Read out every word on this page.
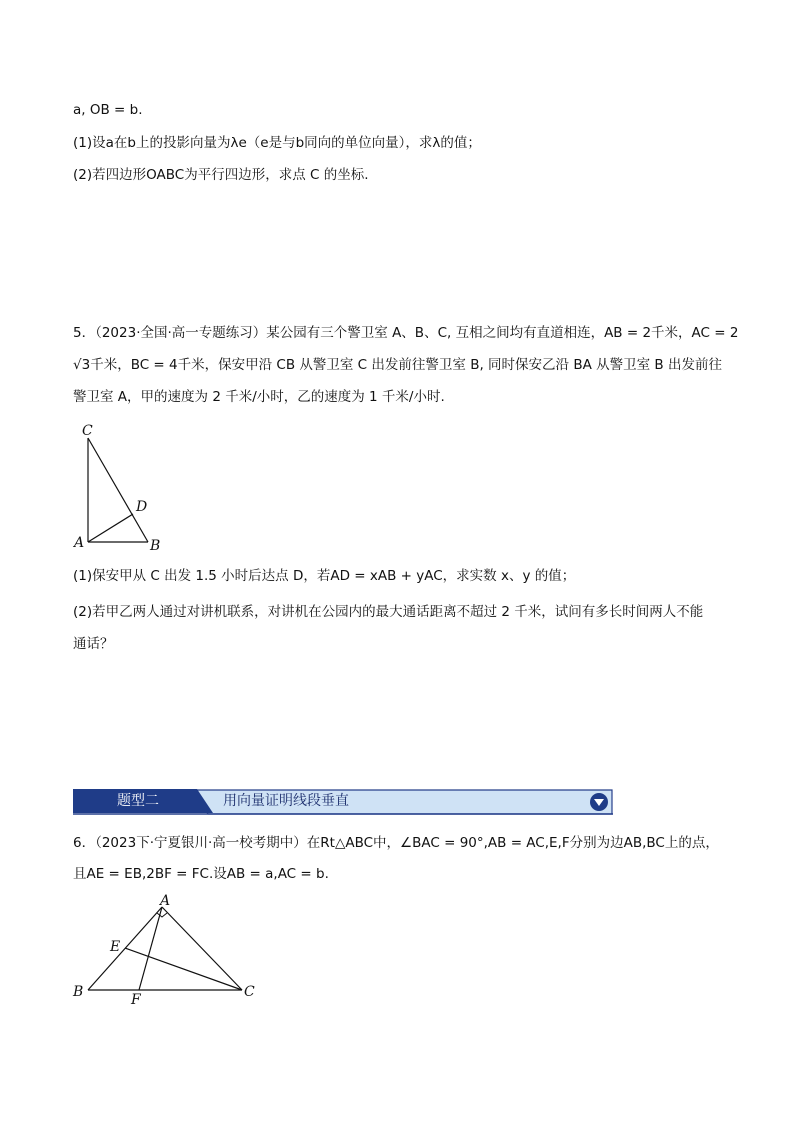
a, OB = b.
(1)设a在b上的投影向量为λe（e是与b同向的单位向量），求λ的值；
(2)若四边形OABC为平行四边形，求点 C 的坐标.
5．（2023·全国·高一专题练习）某公园有三个警卫室 A、B、C, 互相之间均有直道相连，AB = 2千米，AC = 2
√3千米，BC = 4千米，保安甲沿 CB 从警卫室 C 出发前往警卫室 B, 同时保安乙沿 BA 从警卫室 B 出发前往
警卫室 A，甲的速度为 2 千米/小时，乙的速度为 1 千米/小时.
C
D
A	B
(1)保安甲从 C 出发 1.5 小时后达点 D，若AD = xAB + yAC，求实数 x、y 的值；
(2)若甲乙两人通过对讲机联系，对讲机在公园内的最大通话距离不超过 2 千米，试问有多长时间两人不能
通话？
题型二	用向量证明线段垂直
6．（2023下·宁夏银川·高一校考期中）在Rt△ABC中，∠BAC = 90°,AB = AC,E,F分别为边AB,BC上的点，
且AE = EB,2BF = FC.设AB = a,AC = b.
A
E
B	F	C
